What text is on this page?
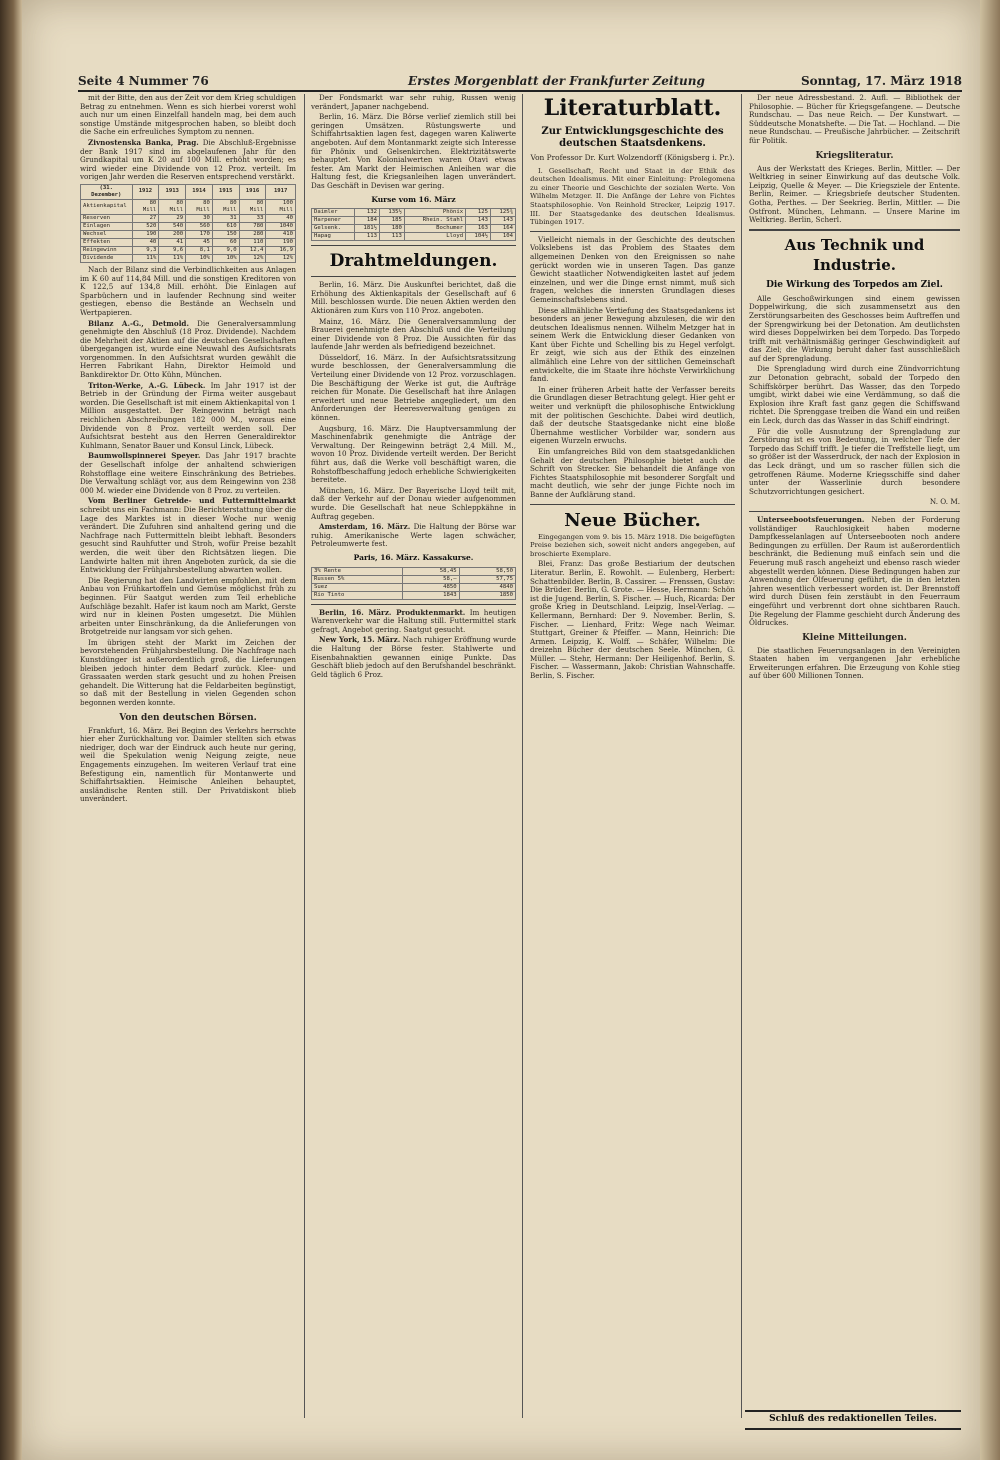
Seite 4 Nummer 76	Erstes Morgenblatt der Frankfurter Zeitung	Sonntag, 17. März 1918

mit der Bitte, den aus der Zeit vor dem Krieg schuldigen Betrag zu entnehmen. Wenn es sich hierbei vorerst wohl auch nur um einen Einzelfall handeln mag, bei dem auch sonstige Umstände mitgesprochen haben, so bleibt doch die Sache ein erfreuliches Symptom zu nennen.

Zivnostenska Banka, Prag. Die Abschluß-Ergebnisse der Bank 1917 sind im abgelaufenen Jahr für den Grundkapital um K 20 auf 100 Mill. erhöht worden; es wird wieder eine Dividende von 12 Proz. verteilt. Im vorigen Jahr werden die Reserven entsprechend verstärkt.

(31. Dezember)	1912	1913	1914	1915	1916	1917
Aktienkapital	80 Mill	80 Mill	80 Mill	80 Mill	80 Mill	100 Mill
Reserven	27	29	30	31	33	40
Einlagen	520	540	560	610	780	1040
Wechsel	190	200	170	150	280	410
Effekten	40	41	45	60	110	190
Reingewinn	9,3	9,6	8,1	9,0	12,4	16,9
Dividende	11%	11%	10%	10%	12%	12%

Nach der Bilanz sind die Verbindlichkeiten aus Anlagen im K 60 auf 114,84 Mill. und die sonstigen Kreditoren von K 122,5 auf 134,8 Mill. erhöht. Die Einlagen auf Sparbüchern und in laufender Rechnung sind weiter gestiegen, ebenso die Bestände an Wechseln und Wertpapieren.

Bilanz A.-G., Detmold. Die Generalversammlung genehmigte den Abschluß (18 Proz. Dividende). Nachdem die Mehrheit der Aktien auf die deutschen Gesellschaften übergegangen ist, wurde eine Neuwahl des Aufsichtsrats vorgenommen. In den Aufsichtsrat wurden gewählt die Herren Fabrikant Hahn, Direktor Heimold und Bankdirektor Dr. Otto Kühn, München.

Triton-Werke, A.-G. Lübeck. Im Jahr 1917 ist der Betrieb in der Gründung der Firma weiter ausgebaut worden. Die Gesellschaft ist mit einem Aktienkapital von 1 Million ausgestattet. Der Reingewinn beträgt nach reichlichen Abschreibungen 182 000 M., woraus eine Dividende von 8 Proz. verteilt werden soll. Der Aufsichtsrat besteht aus den Herren Generaldirektor Kuhlmann, Senator Bauer und Konsul Linck, Lübeck.

Baumwollspinnerei Speyer. Das Jahr 1917 brachte der Gesellschaft infolge der anhaltend schwierigen Rohstofflage eine weitere Einschränkung des Betriebes. Die Verwaltung schlägt vor, aus dem Reingewinn von 238 000 M. wieder eine Dividende von 8 Proz. zu verteilen.

Vom Berliner Getreide- und Futtermittelmarkt schreibt uns ein Fachmann: Die Berichterstattung über die Lage des Marktes ist in dieser Woche nur wenig verändert. Die Zufuhren sind anhaltend gering und die Nachfrage nach Futtermitteln bleibt lebhaft. Besonders gesucht sind Rauhfutter und Stroh, wofür Preise bezahlt werden, die weit über den Richtsätzen liegen. Die Landwirte halten mit ihren Angeboten zurück, da sie die Entwicklung der Frühjahrsbestellung abwarten wollen.

Die Regierung hat den Landwirten empfohlen, mit dem Anbau von Frühkartoffeln und Gemüse möglichst früh zu beginnen. Für Saatgut werden zum Teil erhebliche Aufschläge bezahlt. Hafer ist kaum noch am Markt, Gerste wird nur in kleinen Posten umgesetzt. Die Mühlen arbeiten unter Einschränkung, da die Anlieferungen von Brotgetreide nur langsam vor sich gehen.

Im übrigen steht der Markt im Zeichen der bevorstehenden Frühjahrsbestellung. Die Nachfrage nach Kunstdünger ist außerordentlich groß, die Lieferungen bleiben jedoch hinter dem Bedarf zurück. Klee- und Grassaaten werden stark gesucht und zu hohen Preisen gehandelt. Die Witterung hat die Feldarbeiten begünstigt, so daß mit der Bestellung in vielen Gegenden schon begonnen werden konnte.

Von den deutschen Börsen.

Frankfurt, 16. März. Bei Beginn des Verkehrs herrschte hier eher Zurückhaltung vor. Daimler stellten sich etwas niedriger, doch war der Eindruck auch heute nur gering, weil die Spekulation wenig Neigung zeigte, neue Engagements einzugehen. Im weiteren Verlauf trat eine Befestigung ein, namentlich für Montanwerte und Schiffahrtsaktien. Heimische Anleihen behauptet, ausländische Renten still. Der Privatdiskont blieb unverändert.

Der Fondsmarkt war sehr ruhig, Russen wenig verändert, Japaner nachgebend.

Berlin, 16. März. Die Börse verlief ziemlich still bei geringen Umsätzen. Rüstungswerte und Schiffahrtsaktien lagen fest, dagegen waren Kaliwerte angeboten. Auf dem Montanmarkt zeigte sich Interesse für Phönix und Gelsenkirchen. Elektrizitätswerte behauptet. Von Kolonialwerten waren Otavi etwas fester. Am Markt der Heimischen Anleihen war die Haltung fest, die Kriegsanleihen lagen unverändert. Das Geschäft in Devisen war gering.

Kurse vom 16. März
Daimler	132	135½	Phönix	125	125¾
Harpener	184	185	Rhein. Stahl	143	143
Gelsenk.	181½	180	Bochumer	163	164
Hapag	113	113	Lloyd	104½	104
Drahtmeldungen.

Berlin, 16. März. Die Auskunftei berichtet, daß die Erhöhung des Aktienkapitals der Gesellschaft auf 6 Mill. beschlossen wurde. Die neuen Aktien werden den Aktionären zum Kurs von 110 Proz. angeboten.

Mainz, 16. März. Die Generalversammlung der Brauerei genehmigte den Abschluß und die Verteilung einer Dividende von 8 Proz. Die Aussichten für das laufende Jahr werden als befriedigend bezeichnet.

Düsseldorf, 16. März. In der Aufsichtsratssitzung wurde beschlossen, der Generalversammlung die Verteilung einer Dividende von 12 Proz. vorzuschlagen. Die Beschäftigung der Werke ist gut, die Aufträge reichen für Monate. Die Gesellschaft hat ihre Anlagen erweitert und neue Betriebe angegliedert, um den Anforderungen der Heeresverwaltung genügen zu können.

Augsburg, 16. März. Die Hauptversammlung der Maschinenfabrik genehmigte die Anträge der Verwaltung. Der Reingewinn beträgt 2,4 Mill. M., wovon 10 Proz. Dividende verteilt werden. Der Bericht führt aus, daß die Werke voll beschäftigt waren, die Rohstoffbeschaffung jedoch erhebliche Schwierigkeiten bereitete.

München, 16. März. Der Bayerische Lloyd teilt mit, daß der Verkehr auf der Donau wieder aufgenommen wurde. Die Gesellschaft hat neue Schleppkähne in Auftrag gegeben.

Amsterdam, 16. März. Die Haltung der Börse war ruhig. Amerikanische Werte lagen schwächer, Petroleumwerte fest.

Paris, 16. März. Kassakurse.
3% Rente	58,45	58,50
Russen 5%	58,—	57,75
Suez	4850	4840
Rio Tinto	1843	1850

Berlin, 16. März. Produktenmarkt. Im heutigen Warenverkehr war die Haltung still. Futtermittel stark gefragt, Angebot gering. Saatgut gesucht.

New York, 15. März. Nach ruhiger Eröffnung wurde die Haltung der Börse fester. Stahlwerte und Eisenbahnaktien gewannen einige Punkte. Das Geschäft blieb jedoch auf den Berufshandel beschränkt. Geld täglich 6 Proz.

Literaturblatt.
Zur Entwicklungsgeschichte des deutschen Staatsdenkens.
Von Professor Dr. Kurt Wolzendorff (Königsberg i. Pr.).

I. Gesellschaft, Recht und Staat in der Ethik des deutschen Idealismus. Mit einer Einleitung: Prolegomena zu einer Theorie und Geschichte der sozialen Werte. Von Wilhelm Metzger. II. Die Anfänge der Lehre von Fichtes Staatsphilosophie. Von Reinhold Strecker, Leipzig 1917. III. Der Staatsgedanke des deutschen Idealismus. Tübingen 1917.

Vielleicht niemals in der Geschichte des deutschen Volkslebens ist das Problem des Staates dem allgemeinen Denken von den Ereignissen so nahe gerückt worden wie in unseren Tagen. Das ganze Gewicht staatlicher Notwendigkeiten lastet auf jedem einzelnen, und wer die Dinge ernst nimmt, muß sich fragen, welches die innersten Grundlagen dieses Gemeinschaftslebens sind.

Diese allmähliche Vertiefung des Staatsgedankens ist besonders an jener Bewegung abzulesen, die wir den deutschen Idealismus nennen. Wilhelm Metzger hat in seinem Werk die Entwicklung dieser Gedanken von Kant über Fichte und Schelling bis zu Hegel verfolgt. Er zeigt, wie sich aus der Ethik des einzelnen allmählich eine Lehre von der sittlichen Gemeinschaft entwickelte, die im Staate ihre höchste Verwirklichung fand.

In einer früheren Arbeit hatte der Verfasser bereits die Grundlagen dieser Betrachtung gelegt. Hier geht er weiter und verknüpft die philosophische Entwicklung mit der politischen Geschichte. Dabei wird deutlich, daß der deutsche Staatsgedanke nicht eine bloße Übernahme westlicher Vorbilder war, sondern aus eigenen Wurzeln erwuchs.

Ein umfangreiches Bild von dem staatsgedanklichen Gehalt der deutschen Philosophie bietet auch die Schrift von Strecker. Sie behandelt die Anfänge von Fichtes Staatsphilosophie mit besonderer Sorgfalt und macht deutlich, wie sehr der junge Fichte noch im Banne der Aufklärung stand.

Neue Bücher.

Eingegangen vom 9. bis 15. März 1918. Die beigefügten Preise beziehen sich, soweit nicht anders angegeben, auf broschierte Exemplare.

Blei, Franz: Das große Bestiarium der deutschen Literatur. Berlin, E. Rowohlt. — Eulenberg, Herbert: Schattenbilder. Berlin, B. Cassirer. — Frenssen, Gustav: Die Brüder. Berlin, G. Grote. — Hesse, Hermann: Schön ist die Jugend. Berlin, S. Fischer. — Huch, Ricarda: Der große Krieg in Deutschland. Leipzig, Insel-Verlag. — Kellermann, Bernhard: Der 9. November. Berlin, S. Fischer. — Lienhard, Fritz: Wege nach Weimar. Stuttgart, Greiner & Pfeiffer. — Mann, Heinrich: Die Armen. Leipzig, K. Wolff. — Schäfer, Wilhelm: Die dreizehn Bücher der deutschen Seele. München, G. Müller. — Stehr, Hermann: Der Heiligenhof. Berlin, S. Fischer. — Wassermann, Jakob: Christian Wahnschaffe. Berlin, S. Fischer.

Der neue Adressbestand. 2. Aufl. — Bibliothek der Philosophie. — Bücher für Kriegsgefangene. — Deutsche Rundschau. — Das neue Reich. — Der Kunstwart. — Süddeutsche Monatshefte. — Die Tat. — Hochland. — Die neue Rundschau. — Preußische Jahrbücher. — Zeitschrift für Politik.

Kriegsliteratur.

Aus der Werkstatt des Krieges. Berlin, Mittler. — Der Weltkrieg in seiner Einwirkung auf das deutsche Volk. Leipzig, Quelle & Meyer. — Die Kriegsziele der Entente. Berlin, Reimer. — Kriegsbriefe deutscher Studenten. Gotha, Perthes. — Der Seekrieg. Berlin, Mittler. — Die Ostfront. München, Lehmann. — Unsere Marine im Weltkrieg. Berlin, Scherl.

Aus Technik und Industrie.
Die Wirkung des Torpedos am Ziel.

Alle Geschoßwirkungen sind einem gewissen Doppelwirkung, die sich zusammensetzt aus den Zerstörungsarbeiten des Geschosses beim Auftreffen und der Sprengwirkung bei der Detonation. Am deutlichsten wird dieses Doppelwirken bei dem Torpedo. Das Torpedo trifft mit verhältnismäßig geringer Geschwindigkeit auf das Ziel; die Wirkung beruht daher fast ausschließlich auf der Sprengladung.

Die Sprengladung wird durch eine Zündvorrichtung zur Detonation gebracht, sobald der Torpedo den Schiffskörper berührt. Das Wasser, das den Torpedo umgibt, wirkt dabei wie eine Verdämmung, so daß die Explosion ihre Kraft fast ganz gegen die Schiffswand richtet. Die Sprenggase treiben die Wand ein und reißen ein Leck, durch das das Wasser in das Schiff eindringt.

Für die volle Ausnutzung der Sprengladung zur Zerstörung ist es von Bedeutung, in welcher Tiefe der Torpedo das Schiff trifft. Je tiefer die Treffstelle liegt, um so größer ist der Wasserdruck, der nach der Explosion in das Leck drängt, und um so rascher füllen sich die getroffenen Räume. Moderne Kriegsschiffe sind daher unter der Wasserlinie durch besondere Schutzvorrichtungen gesichert.

N. O. M.

Unterseebootsfeuerungen. Neben der Forderung vollständiger Rauchlosigkeit haben moderne Dampfkesselanlagen auf Unterseebooten noch andere Bedingungen zu erfüllen. Der Raum ist außerordentlich beschränkt, die Bedienung muß einfach sein und die Feuerung muß rasch angeheizt und ebenso rasch wieder abgestellt werden können. Diese Bedingungen haben zur Anwendung der Ölfeuerung geführt, die in den letzten Jahren wesentlich verbessert worden ist. Der Brennstoff wird durch Düsen fein zerstäubt in den Feuerraum eingeführt und verbrennt dort ohne sichtbaren Rauch. Die Regelung der Flamme geschieht durch Änderung des Öldruckes.

Kleine Mitteilungen.

Die staatlichen Feuerungsanlagen in den Vereinigten Staaten haben im vergangenen Jahr erhebliche Erweiterungen erfahren. Die Erzeugung von Kohle stieg auf über 600 Millionen Tonnen.

Schluß des redaktionellen Teiles.
